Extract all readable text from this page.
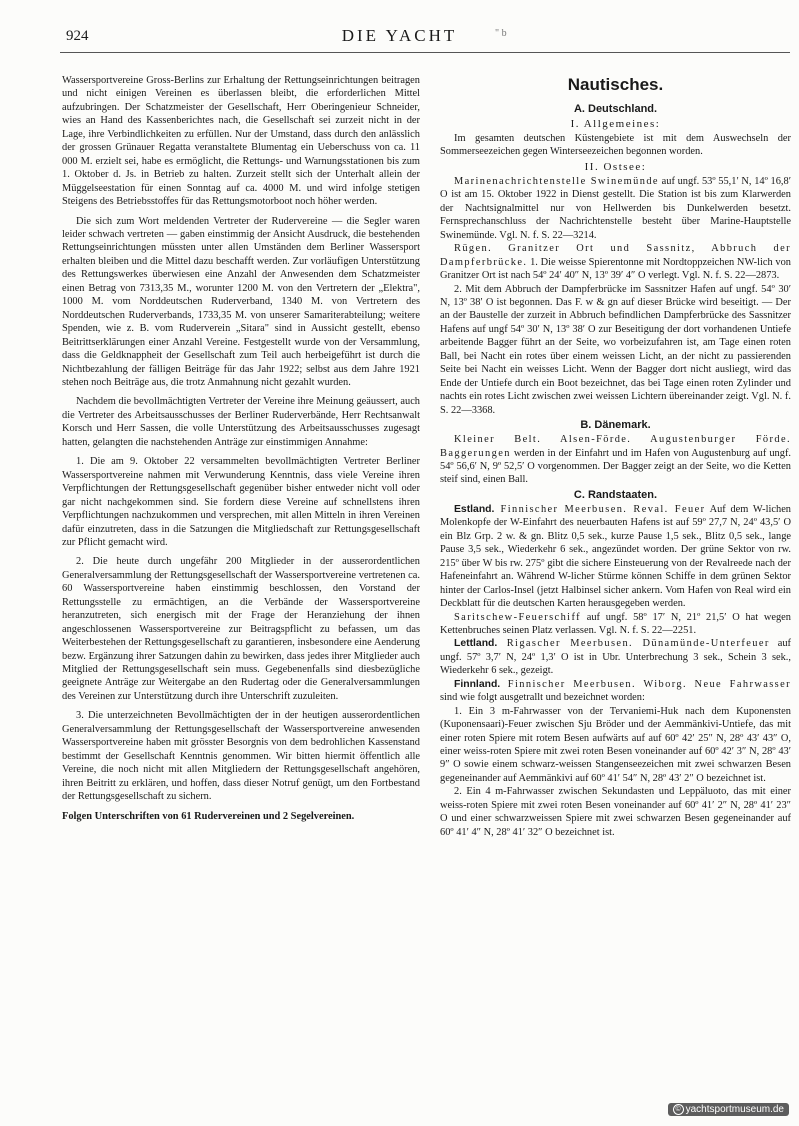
924	DIE YACHT	" b

Wassersportvereine Gross-Berlins zur Erhaltung der Rettungseinrichtungen beitragen und nicht einigen Vereinen es überlassen bleibt, die erforderlichen Mittel aufzubringen. Der Schatzmeister der Gesellschaft, Herr Oberingenieur Schneider, wies an Hand des Kassenberichtes nach, die Gesellschaft sei zurzeit nicht in der Lage, ihre Verbindlichkeiten zu erfüllen. Nur der Umstand, dass durch den anlässlich der grossen Grünauer Regatta veranstaltete Blumentag ein Ueberschuss von ca. 11 000 M. erzielt sei, habe es ermöglicht, die Rettungs- und Warnungsstationen bis zum 1. Oktober d. Js. in Betrieb zu halten. Zurzeit stellt sich der Unterhalt allein der Müggelseestation für einen Sonntag auf ca. 4000 M. und wird infolge stetigen Steigens des Betriebsstoffes für das Rettungsmotorboot noch höher werden.

Die sich zum Wort meldenden Vertreter der Rudervereine — die Segler waren leider schwach vertreten — gaben einstimmig der Ansicht Ausdruck, die bestehenden Rettungseinrichtungen müssten unter allen Umständen dem Berliner Wassersport erhalten bleiben und die Mittel dazu beschafft werden. Zur vorläufigen Unterstützung des Rettungswerkes überwiesen eine Anzahl der Anwesenden dem Schatzmeister einen Betrag von 7313,35 M., worunter 1200 M. von den Vertretern der „Elektra", 1000 M. vom Norddeutschen Ruderverband, 1340 M. von Vertretern des Norddeutschen Ruderverbands, 1733,35 M. von unserer Samariterabteilung; weitere Spenden, wie z. B. vom Ruderverein „Sitara" sind in Aussicht gestellt, ebenso Beitrittserklärungen einer Anzahl Vereine. Festgestellt wurde von der Versammlung, dass die Geldknappheit der Gesellschaft zum Teil auch herbeigeführt ist durch die Nichtbezahlung der fälligen Beiträge für das Jahr 1922; selbst aus dem Jahre 1921 stehen noch Beiträge aus, die trotz Anmahnung nicht gezahlt wurden.

Nachdem die bevollmächtigten Vertreter der Vereine ihre Meinung geäussert, auch die Vertreter des Arbeitsausschusses der Berliner Ruderverbände, Herr Rechtsanwalt Korsch und Herr Sassen, die volle Unterstützung des Arbeitsausschusses zugesagt hatten, gelangten die nachstehenden Anträge zur einstimmigen Annahme:

1. Die am 9. Oktober 22 versammelten bevollmächtigten Vertreter Berliner Wassersportvereine nahmen mit Verwunderung Kenntnis, dass viele Vereine ihren Verpflichtungen der Rettungsgesellschaft gegenüber bisher entweder nicht voll oder gar nicht nachgekommen sind. Sie fordern diese Vereine auf schnellstens ihren Verpflichtungen nachzukommen und versprechen, mit allen Mitteln in ihren Vereinen dafür einzutreten, dass in die Satzungen die Mitgliedschaft zur Rettungsgesellschaft zur Pflicht gemacht wird.

2. Die heute durch ungefähr 200 Mitglieder in der ausserordentlichen Generalversammlung der Rettungsgesellschaft der Wassersportvereine vertretenen ca. 60 Wassersportvereine haben einstimmig beschlossen, den Vorstand der Rettungsstelle zu ermächtigen, an die Verbände der Wassersportvereine heranzutreten, sich energisch mit der Frage der Heranziehung der ihnen angeschlossenen Wassersportvereine zur Beitragspflicht zu befassen, um das Weiterbestehen der Rettungsgesellschaft zu garantieren, insbesondere eine Aenderung bezw. Ergänzung ihrer Satzungen dahin zu bewirken, dass jedes ihrer Mitglieder auch Mitglied der Rettungsgesellschaft sein muss. Gegebenenfalls sind diesbezügliche geeignete Anträge zur Weitergabe an den Rudertag oder die Generalversammlungen des Vereinen zur Unterstützung durch ihre Unterschrift zuzuleiten.

3. Die unterzeichneten Bevollmächtigten der in der heutigen ausserordentlichen Generalversammlung der Rettungsgesellschaft der Wassersportvereine anwesenden Wassersportvereine haben mit grösster Besorgnis von dem bedrohlichen Kassenstand bestimmt der Gesellschaft Kenntnis genommen. Wir bitten hiermit öffentlich alle Vereine, die noch nicht mit allen Mitgliedern der Rettungsgesellschaft angehören, ihren Beitritt zu erklären, und hoffen, dass dieser Notruf genügt, um den Fortbestand der Rettungsgesellschaft zu sichern.

Folgen Unterschriften von 61 Rudervereinen und 2 Segelvereinen.

Nautisches.
A. Deutschland.
I. Allgemeines:

Im gesamten deutschen Küstengebiete ist mit dem Auswechseln der Sommerseezeichen gegen Winterseezeichen begonnen worden.

II. Ostsee:

Marinenachrichtenstelle Swinemünde auf ungf. 53º 55,1′ N, 14º 16,8′ O ist am 15. Oktober 1922 in Dienst gestellt. Die Station ist bis zum Klarwerden der Nachtsignalmittel nur von Hellwerden bis Dunkelwerden besetzt. Fernsprechanschluss der Nachrichtenstelle besteht über Marine-Hauptstelle Swinemünde. Vgl. N. f. S. 22—3214.

Rügen. Granitzer Ort und Sassnitz, Abbruch der Dampferbrücke. 1. Die weisse Spierentonne mit Nordtoppzeichen NW-lich von Granitzer Ort ist nach 54º 24′ 40″ N, 13º 39′ 4″ O verlegt. Vgl. N. f. S. 22—2873.

2. Mit dem Abbruch der Dampferbrücke im Sassnitzer Hafen auf ungf. 54º 30′ N, 13º 38′ O ist begonnen. Das F. w & gn auf dieser Brücke wird beseitigt. — Der an der Baustelle der zurzeit in Abbruch befindlichen Dampferbrücke des Sassnitzer Hafens auf ungf 54º 30′ N, 13º 38′ O zur Beseitigung der dort vorhandenen Untiefe arbeitende Bagger führt an der Seite, wo vorbeizufahren ist, am Tage einen roten Ball, bei Nacht ein rotes über einem weissen Licht, an der nicht zu passierenden Seite bei Nacht ein weisses Licht. Wenn der Bagger dort nicht ausliegt, wird das Ende der Untiefe durch ein Boot bezeichnet, das bei Tage einen roten Zylinder und nachts ein rotes Licht zwischen zwei weissen Lichtern übereinander zeigt. Vgl. N. f. S. 22—3368.

B. Dänemark.

Kleiner Belt. Alsen-Förde. Augustenburger Förde. Baggerungen werden in der Einfahrt und im Hafen von Augustenburg auf ungf. 54º 56,6′ N, 9º 52,5′ O vorgenommen. Der Bagger zeigt an der Seite, wo die Ketten steif sind, einen Ball.

C. Randstaaten.

Estland. Finnischer Meerbusen. Reval. Feuer Auf dem W-lichen Molenkopfe der W-Einfahrt des neuerbauten Hafens ist auf 59º 27,7 N, 24º 43,5′ O ein Blz Grp. 2 w. & gn. Blitz 0,5 sek., kurze Pause 1,5 sek., Blitz 0,5 sek., lange Pause 3,5 sek., Wiederkehr 6 sek., angezündet worden. Der grüne Sektor von rw. 215º über W bis rw. 275º gibt die sichere Einsteuerung von der Revalreede nach der Hafeneinfahrt an. Während W-licher Stürme können Schiffe in dem grünen Sektor hinter der Carlos-Insel (jetzt Halbinsel sicher ankern. Vom Hafen von Real wird ein Deckblatt für die deutschen Karten herausgegeben werden.

Saritschew-Feuerschiff auf ungf. 58º 17′ N, 21º 21,5′ O hat wegen Kettenbruches seinen Platz verlassen. Vgl. N. f. S. 22—2251.

Lettland. Rigascher Meerbusen. Dünamünde-Unterfeuer auf ungf. 57º 3,7′ N, 24º 1,3′ O ist in Ubr. Unterbrechung 3 sek., Schein 3 sek., Wiederkehr 6 sek., gezeigt.

Finnland. Finnischer Meerbusen. Wiborg. Neue Fahrwasser sind wie folgt ausgetrallt und bezeichnet worden:

1. Ein 3 m-Fahrwasser von der Tervaniemi-Huk nach dem Kuponensten (Kuponensaari)-Feuer zwischen Sju Bröder und der Aemmänkivi-Untiefe, das mit einer roten Spiere mit rotem Besen aufwärts auf auf 60º 42′ 25″ N, 28º 43′ 43″ O, einer weiss-roten Spiere mit zwei roten Besen voneinander auf 60º 42′ 3″ N, 28º 43′ 9″ O sowie einem schwarz-weissen Stangenseezeichen mit zwei schwarzen Besen gegeneinander auf Aemmänkivi auf 60º 41′ 54″ N, 28º 43′ 2″ O bezeichnet ist.

2. Ein 4 m-Fahrwasser zwischen Sekundasten und Leppäluoto, das mit einer weiss-roten Spiere mit zwei roten Besen voneinander auf 60º 41′ 2″ N, 28º 41′ 23″ O und einer schwarzweissen Spiere mit zwei schwarzen Besen gegeneinander auf 60º 41′ 4″ N, 28º 41′ 32″ O bezeichnet ist.

© yachtsportmuseum.de
